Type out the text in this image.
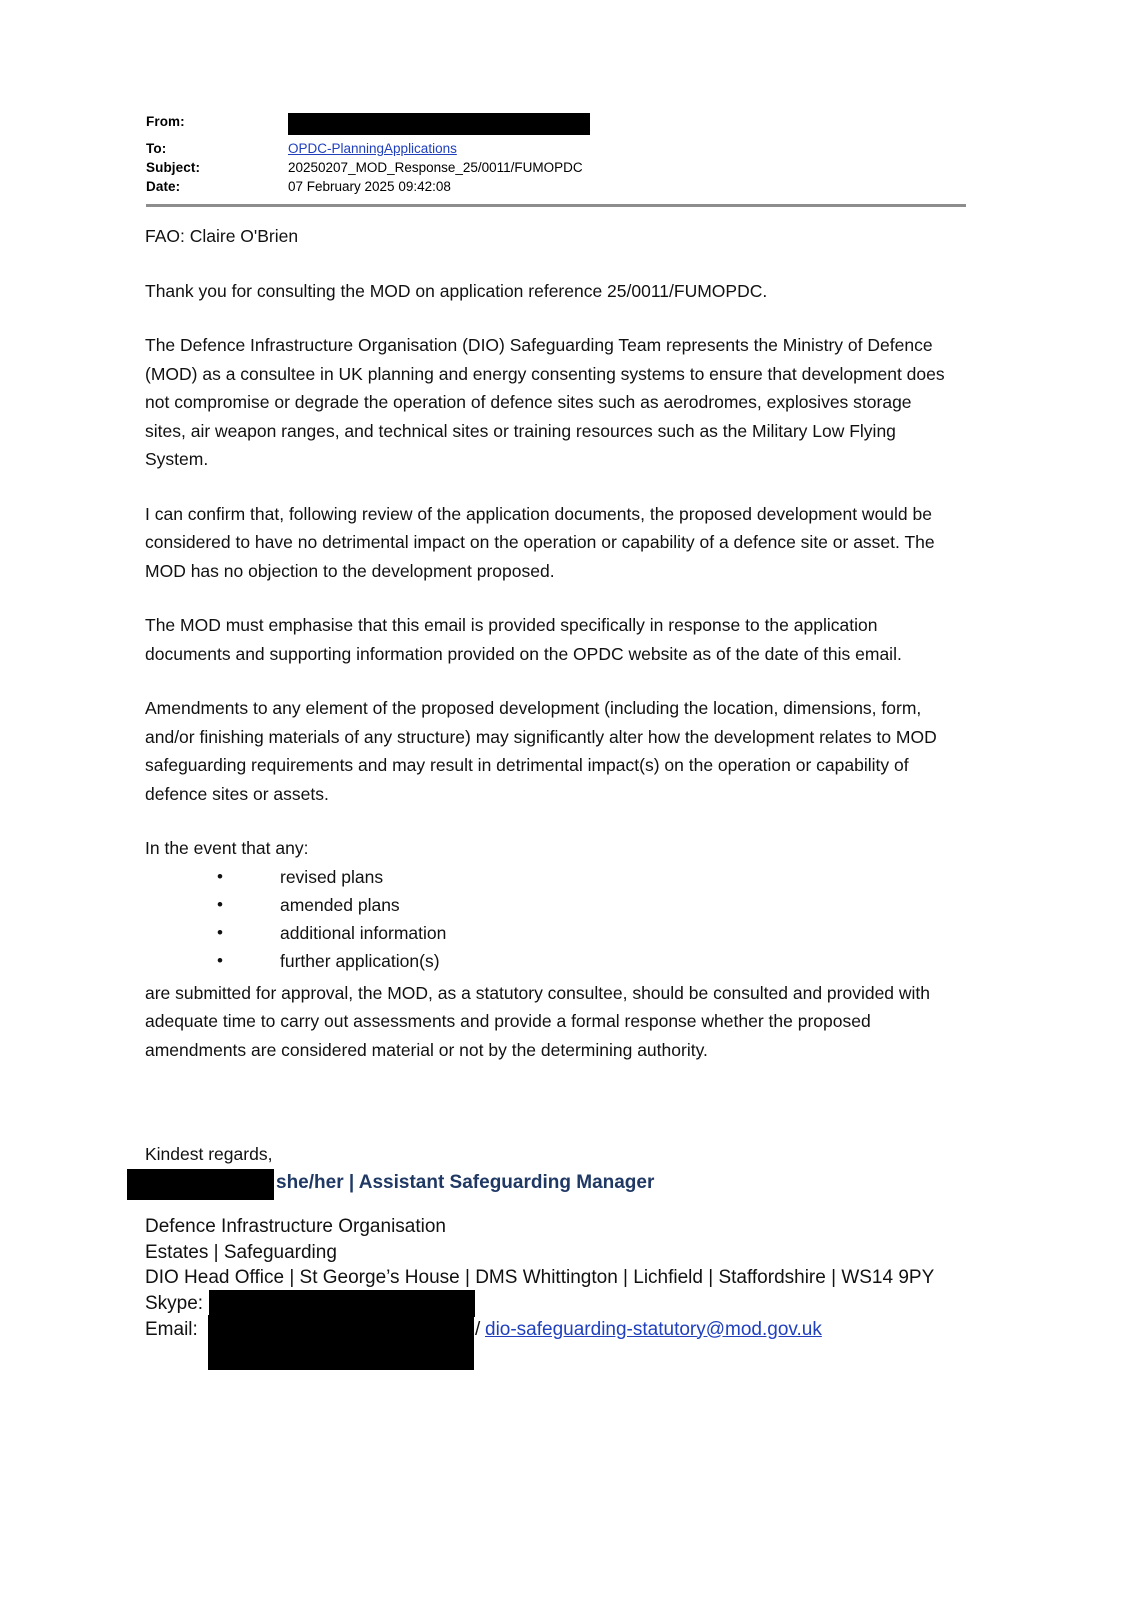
From:
To:	OPDC-PlanningApplications
Subject:	20250207_MOD_Response_25/0011/FUMOPDC
Date:	07 February 2025 09:42:08

FAO: Claire O'Brien

Thank you for consulting the MOD on application reference 25/0011/FUMOPDC.

The Defence Infrastructure Organisation (DIO) Safeguarding Team represents the Ministry of Defence (MOD) as a consultee in UK planning and energy consenting systems to ensure that development does not compromise or degrade the operation of defence sites such as aerodromes, explosives storage sites, air weapon ranges, and technical sites or training resources such as the Military Low Flying System.

I can confirm that, following review of the application documents, the proposed development would be considered to have no detrimental impact on the operation or capability of a defence site or asset. The MOD has no objection to the development proposed.

The MOD must emphasise that this email is provided specifically in response to the application documents and supporting information provided on the OPDC website as of the date of this email.

Amendments to any element of the proposed development (including the location, dimensions, form, and/or finishing materials of any structure) may significantly alter how the development relates to MOD safeguarding requirements and may result in detrimental impact(s) on the operation or capability of defence sites or assets.

In the event that any:

• revised plans
• amended plans
• additional information
• further application(s)

are submitted for approval, the MOD, as a statutory consultee, should be consulted and provided with adequate time to carry out assessments and provide a formal response whether the proposed amendments are considered material or not by the determining authority.

Kindest regards,
she/her | Assistant Safeguarding Manager
Defence Infrastructure Organisation
Estates | Safeguarding
DIO Head Office | St George’s House | DMS Whittington | Lichfield | Staffordshire | WS14 9PY
Skype:
Email:	/ dio-safeguarding-statutory@mod.gov.uk
